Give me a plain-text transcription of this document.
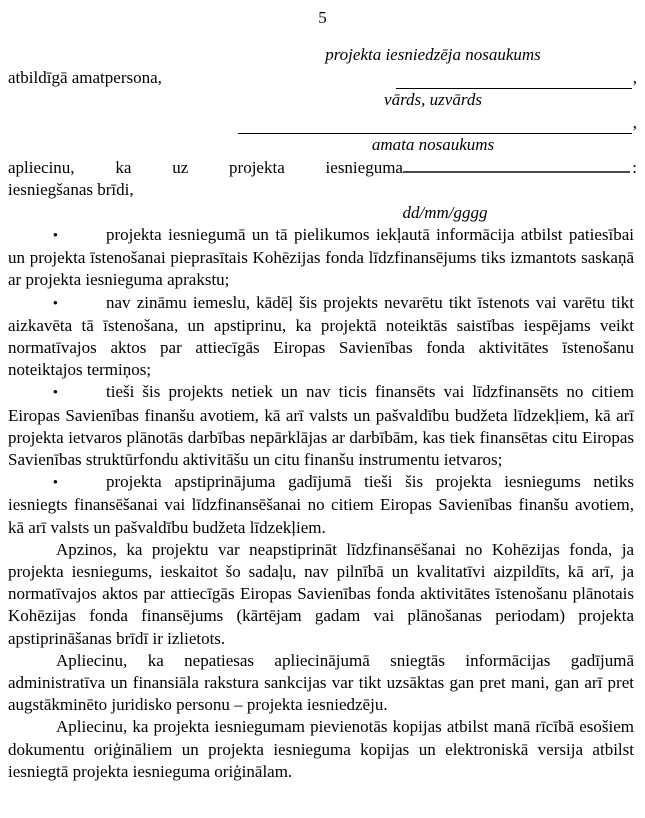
5
projekta iesniedzēja nosaukums
atbildīgā amatpersona,	,
vārds, uzvārds
,
amata nosaukums
apliecinu, ka uz projekta iesnieguma	:
iesniegšanas brīdi,
dd/mm/gggg

•	projekta iesniegumā un tā pielikumos iekļautā informācija atbilst patiesībai un projekta īstenošanai pieprasītais Kohēzijas fonda līdzfinansējums tiks izmantots saskaņā ar projekta iesnieguma aprakstu;

•	nav zināmu iemeslu, kādēļ šis projekts nevarētu tikt īstenots vai varētu tikt aizkavēta tā īstenošana, un apstiprinu, ka projektā noteiktās saistības iespējams veikt normatīvajos aktos par attiecīgās Eiropas Savienības fonda aktivitātes īstenošanu noteiktajos termiņos;

•	tieši šis projekts netiek un nav ticis finansēts vai līdzfinansēts no citiem Eiropas Savienības finanšu avotiem, kā arī valsts un pašvaldību budžeta līdzekļiem, kā arī projekta ietvaros plānotās darbības nepārklājas ar darbībām, kas tiek finansētas citu Eiropas Savienības struktūrfondu aktivitāšu un citu finanšu instrumentu ietvaros;

•	projekta apstiprinājuma gadījumā tieši šis projekta iesniegums netiks iesniegts finansēšanai vai līdzfinansēšanai no citiem Eiropas Savienības finanšu avotiem, kā arī valsts un pašvaldību budžeta līdzekļiem.

Apzinos, ka projektu var neapstiprināt līdzfinansēšanai no Kohēzijas fonda, ja projekta iesniegums, ieskaitot šo sadaļu, nav pilnībā un kvalitatīvi aizpildīts, kā arī, ja normatīvajos aktos par attiecīgās Eiropas Savienības fonda aktivitātes īstenošanu plānotais Kohēzijas fonda finansējums (kārtējam gadam vai plānošanas periodam) projekta apstiprināšanas brīdī ir izlietots.

Apliecinu, ka nepatiesas apliecinājumā sniegtās informācijas gadījumā administratīva un finansiāla rakstura sankcijas var tikt uzsāktas gan pret mani, gan arī pret augstākminēto juridisko personu – projekta iesniedzēju.

Apliecinu, ka projekta iesniegumam pievienotās kopijas atbilst manā rīcībā esošiem dokumentu oriģināliem un projekta iesnieguma kopijas un elektroniskā versija atbilst iesniegtā projekta iesnieguma oriģinālam.
